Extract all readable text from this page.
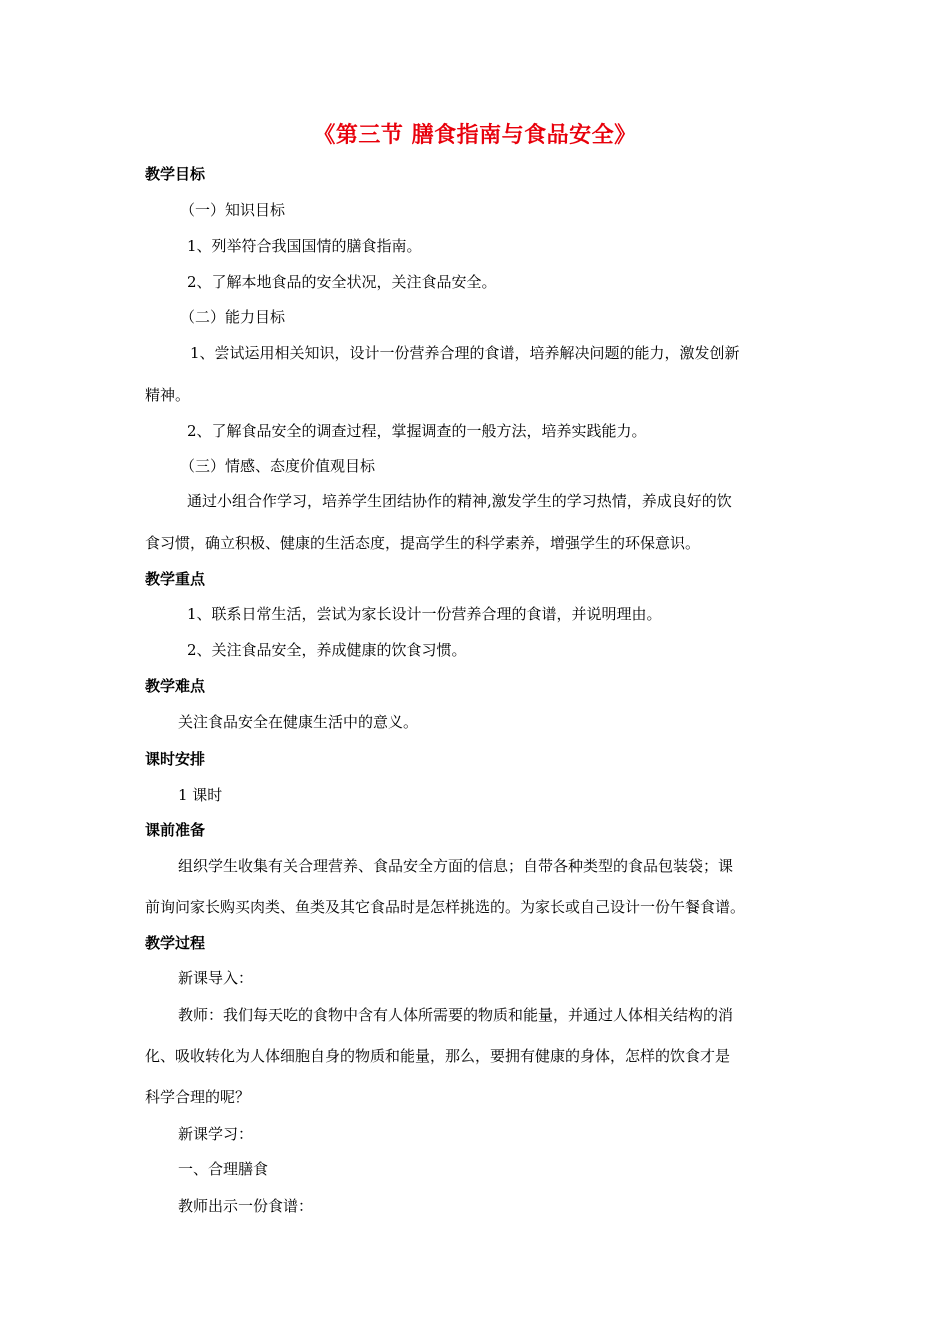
《第三节 膳食指南与食品安全》
教学目标
（一）知识目标
1、列举符合我国国情的膳食指南。
2、了解本地食品的安全状况，关注食品安全。
（二）能力目标
1、尝试运用相关知识，设计一份营养合理的食谱，培养解决问题的能力，激发创新
精神。
2、了解食品安全的调查过程，掌握调查的一般方法，培养实践能力。
（三）情感、态度价值观目标
通过小组合作学习，培养学生团结协作的精神,激发学生的学习热情，养成良好的饮
食习惯，确立积极、健康的生活态度，提高学生的科学素养，增强学生的环保意识。
教学重点
1、联系日常生活，尝试为家长设计一份营养合理的食谱，并说明理由。
2、关注食品安全，养成健康的饮食习惯。
教学难点
关注食品安全在健康生活中的意义。
课时安排
1 课时
课前准备
组织学生收集有关合理营养、食品安全方面的信息；自带各种类型的食品包装袋；课
前询问家长购买肉类、鱼类及其它食品时是怎样挑选的。为家长或自己设计一份午餐食谱。
教学过程
新课导入：
教师：我们每天吃的食物中含有人体所需要的物质和能量，并通过人体相关结构的消
化、吸收转化为人体细胞自身的物质和能量，那么，要拥有健康的身体，怎样的饮食才是
科学合理的呢？
新课学习：
一、合理膳食
教师出示一份食谱：
